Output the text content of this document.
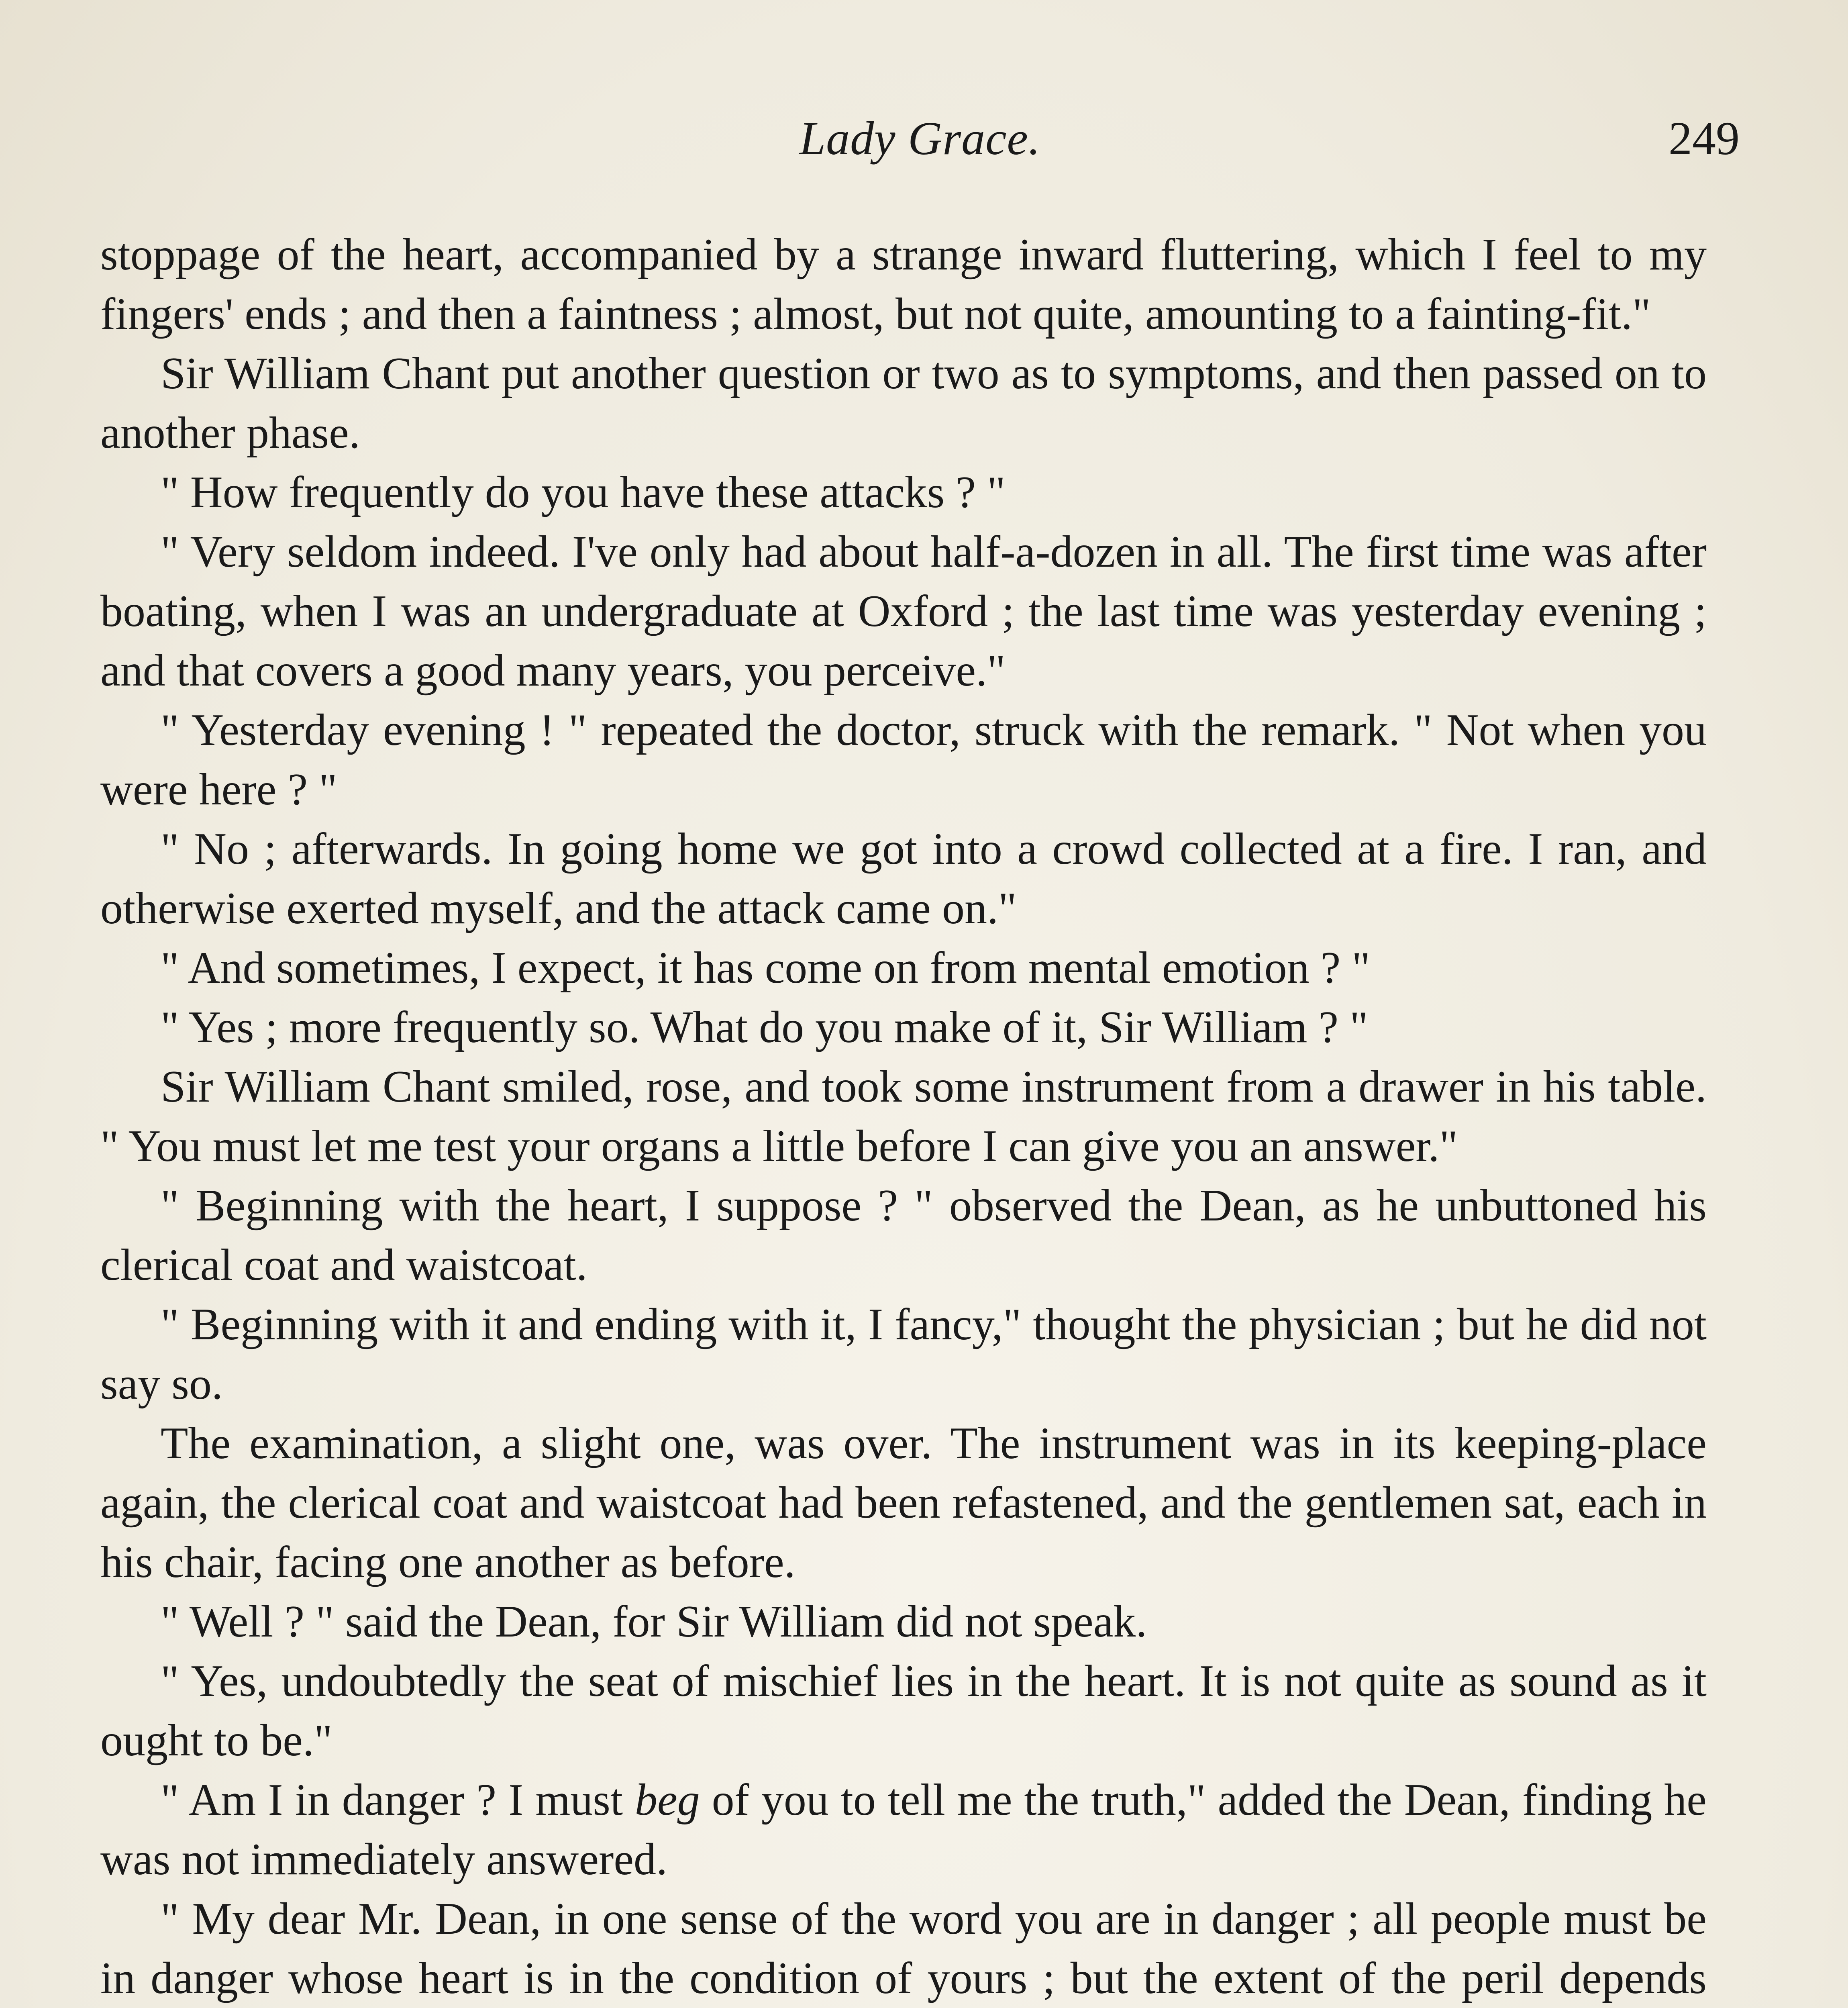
Lady Grace.	249

stoppage of the heart, accompanied by a strange inward fluttering, which I feel to my fingers' ends ; and then a faintness ; almost, but not quite, amounting to a fainting-fit."

Sir William Chant put another question or two as to symptoms, and then passed on to another phase.

" How frequently do you have these attacks ? "

" Very seldom indeed. I've only had about half-a-dozen in all. The first time was after boating, when I was an undergraduate at Oxford ; the last time was yesterday evening ; and that covers a good many years, you perceive."

" Yesterday evening ! " repeated the doctor, struck with the remark. " Not when you were here ? "

" No ; afterwards. In going home we got into a crowd collected at a fire. I ran, and otherwise exerted myself, and the attack came on."

" And sometimes, I expect, it has come on from mental emotion ? "

" Yes ; more frequently so. What do you make of it, Sir William ? "

Sir William Chant smiled, rose, and took some instrument from a drawer in his table. " You must let me test your organs a little before I can give you an answer."

" Beginning with the heart, I suppose ? " observed the Dean, as he unbuttoned his clerical coat and waistcoat.

" Beginning with it and ending with it, I fancy," thought the physician ; but he did not say so.

The examination, a slight one, was over. The instrument was in its keeping-place again, the clerical coat and waistcoat had been refastened, and the gentlemen sat, each in his chair, facing one another as before.

" Well ? " said the Dean, for Sir William did not speak.

" Yes, undoubtedly the seat of mischief lies in the heart. It is not quite as sound as it ought to be."

" Am I in danger ? I must beg of you to tell me the truth," added the Dean, finding he was not immediately answered.

" My dear Mr. Dean, in one sense of the word you are in danger ; all people must be in danger whose heart is in the condition of yours ; but the extent of the peril depends
